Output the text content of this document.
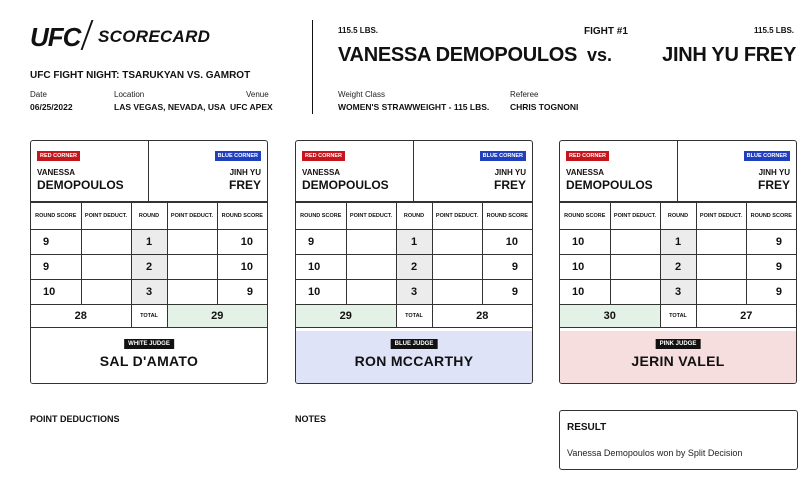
UFC SCORECARD
UFC FIGHT NIGHT: TSARUKYAN VS. GAMROT
Date
06/25/2022
Location
LAS VEGAS, NEVADA, USA
Venue
UFC APEX
115.5 LBS.
VANESSA DEMOPOULOS
FIGHT #1
vs.
115.5 LBS.
JINH YU FREY
Weight Class
WOMEN'S STRAWWEIGHT - 115 LBS.
Referee
CHRIS TOGNONI
RED CORNER	BLUE CORNER
VANESSA
DEMOPOULOS
JINH YU
FREY
ROUND SCORE	POINT DEDUCT.	ROUND	POINT DEDUCT.	ROUND SCORE
9		1		10
9		2		10
10		3		9
28		TOTAL	29	
WHITE JUDGE
SAL D'AMATO
RED CORNER	BLUE CORNER
VANESSA
DEMOPOULOS
JINH YU
FREY
ROUND SCORE	POINT DEDUCT.	ROUND	POINT DEDUCT.	ROUND SCORE
9		1		10
10		2		9
10		3		9
29		TOTAL	28	
BLUE JUDGE
RON MCCARTHY
RED CORNER	BLUE CORNER
VANESSA
DEMOPOULOS
JINH YU
FREY
ROUND SCORE	POINT DEDUCT.	ROUND	POINT DEDUCT.	ROUND SCORE
10		1		9
10		2		9
10		3		9
30		TOTAL	27	
PINK JUDGE
JERIN VALEL
POINT DEDUCTIONS	NOTES
RESULT
Vanessa Demopoulos won by Split Decision
